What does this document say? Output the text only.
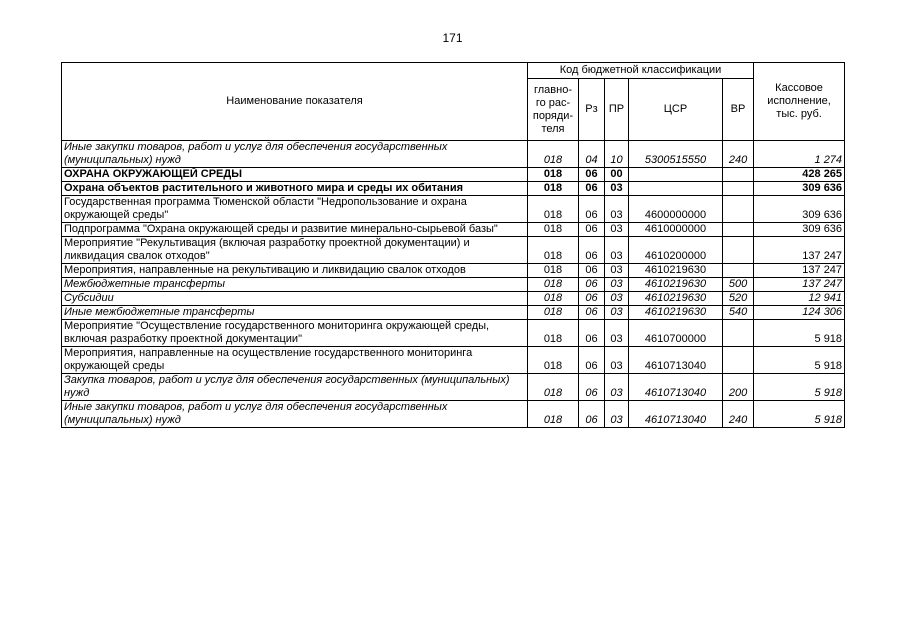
171
Наименование показателя	Код бюджетной классификации					Кассовое исполнение, тыс. руб.
	главно-го рас-поряди-теля	Рз	ПР	ЦСР	ВР	
Иные закупки товаров, работ и услуг для обеспечения государственных (муниципальных) нужд	018	04	10	5300515550	240	1 274
ОХРАНА ОКРУЖАЮЩЕЙ СРЕДЫ	018	06	00			428 265
Охрана объектов растительного и животного мира и среды их обитания	018	06	03			309 636
Государственная программа Тюменской области "Недропользование и охрана окружающей среды"	018	06	03	4600000000		309 636
Подпрограмма "Охрана окружающей среды и развитие минерально-сырьевой базы"	018	06	03	4610000000		309 636
Мероприятие "Рекультивация (включая разработку проектной документации) и ликвидация свалок отходов"	018	06	03	4610200000		137 247
Мероприятия, направленные на рекультивацию и ликвидацию свалок отходов	018	06	03	4610219630		137 247
Межбюджетные трансферты	018	06	03	4610219630	500	137 247
Субсидии	018	06	03	4610219630	520	12 941
Иные межбюджетные трансферты	018	06	03	4610219630	540	124 306
Мероприятие "Осуществление государственного мониторинга окружающей среды, включая разработку проектной документации"	018	06	03	4610700000		5 918
Мероприятия, направленные на осуществление государственного мониторинга окружающей среды	018	06	03	4610713040		5 918
Закупка товаров, работ и услуг для обеспечения государственных (муниципальных) нужд	018	06	03	4610713040	200	5 918
Иные закупки товаров, работ и услуг для обеспечения государственных (муниципальных) нужд	018	06	03	4610713040	240	5 918
